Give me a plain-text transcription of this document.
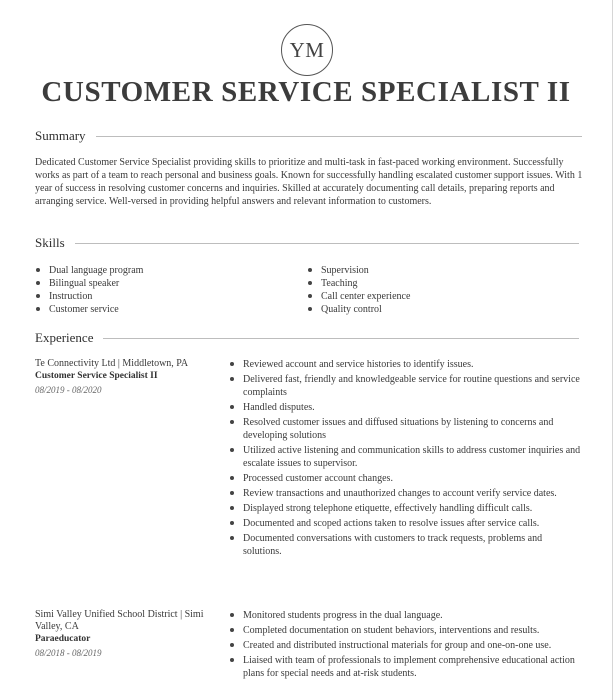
YM
CUSTOMER SERVICE SPECIALIST II
Summary
Dedicated Customer Service Specialist providing skills to prioritize and multi-task in fast-paced working environment. Successfully works as part of a team to reach personal and business goals. Known for successfully handling escalated customer support issues. With 1 year of success in resolving customer concerns and inquiries. Skilled at accurately documenting call details, preparing reports and arranging service. Well-versed in providing helpful answers and relevant information to customers.
Skills
Dual language program
Bilingual speaker
Instruction
Customer service
Supervision
Teaching
Call center experience
Quality control
Experience
Te Connectivity Ltd | Middletown, PA
Customer Service Specialist II
08/2019 - 08/2020
Reviewed account and service histories to identify issues.
Delivered fast, friendly and knowledgeable service for routine questions and service complaints
Handled disputes.
Resolved customer issues and diffused situations by listening to concerns and developing solutions
Utilized active listening and communication skills to address customer inquiries and escalate issues to supervisor.
Processed customer account changes.
Review transactions and unauthorized changes to account verify service dates.
Displayed strong telephone etiquette, effectively handling difficult calls.
Documented and scoped actions taken to resolve issues after service calls.
Documented conversations with customers to track requests, problems and solutions.
Simi Valley Unified School District | Simi Valley, CA
Paraeducator
08/2018 - 08/2019
Monitored students progress in the dual language.
Completed documentation on student behaviors, interventions and results.
Created and distributed instructional materials for group and one-on-one use.
Liaised with team of professionals to implement comprehensive educational action plans for special needs and at-risk students.
